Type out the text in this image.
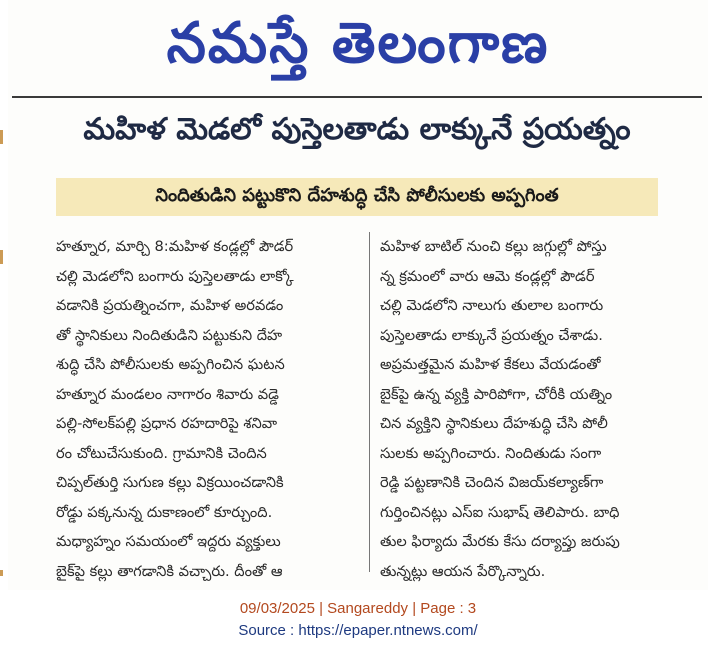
నమస్తే తెలంగాణ
మహిళ మెడలో పుస్తెలతాడు లాక్కునే ప్రయత్నం
నిందితుడిని పట్టుకొని దేహశుద్ధి చేసి పోలీసులకు అప్పగింత
హత్నూర, మార్చి 8:మహిళ కండ్లల్లో పౌడర్
చల్లి మెడలోని బంగారు పుస్తెలతాడు లాక్కో
వడానికి ప్రయత్నించగా, మహిళ అరవడం
తో స్థానికులు నిందితుడిని పట్టుకుని దేహ
శుద్ధి చేసి పోలీసులకు అప్పగించిన ఘటన
హత్నూర మండలం నాగారం శివారు వడ్డె
పల్లి-సోలక్‌పల్లి ప్రధాన రహదారిపై శనివా
రం చోటుచేసుకుంది. గ్రామానికి చెందిన
చిప్పల్‌తుర్తి సుగుణ కల్లు విక్రయించడానికి
రోడ్డు పక్కనున్న దుకాణంలో కూర్చుంది.
మధ్యాహ్నం సమయంలో ఇద్దరు వ్యక్తులు
బైక్‌పై కల్లు తాగడానికి వచ్చారు. దీంతో ఆ
మహిళ బాటిల్ నుంచి కల్లు జగ్గుల్లో పోస్తు
న్న క్రమంలో వారు ఆమె కండ్లల్లో పౌడర్
చల్లి మెడలోని నాలుగు తులాల బంగారు
పుస్తెలతాడు లాక్కునే ప్రయత్నం చేశాడు.
అప్రమత్తమైన మహిళ కేకలు వేయడంతో
బైక్‌పై ఉన్న వ్యక్తి పారిపోగా, చోరీకి యత్నిం
చిన వ్యక్తిని స్థానికులు దేహశుద్ధి చేసి పోలీ
సులకు అప్పగించారు. నిందితుడు సంగా
రెడ్డి పట్టణానికి చెందిన విజయ్‌కల్యాణ్‌గా
గుర్తించినట్లు ఎస్ఐ సుభాష్ తెలిపారు. బాధి
తుల ఫిర్యాదు మేరకు కేసు దర్యాప్తు జరుపు
తున్నట్లు ఆయన పేర్కొన్నారు.
09/03/2025 | Sangareddy | Page : 3
Source : https://epaper.ntnews.com/
